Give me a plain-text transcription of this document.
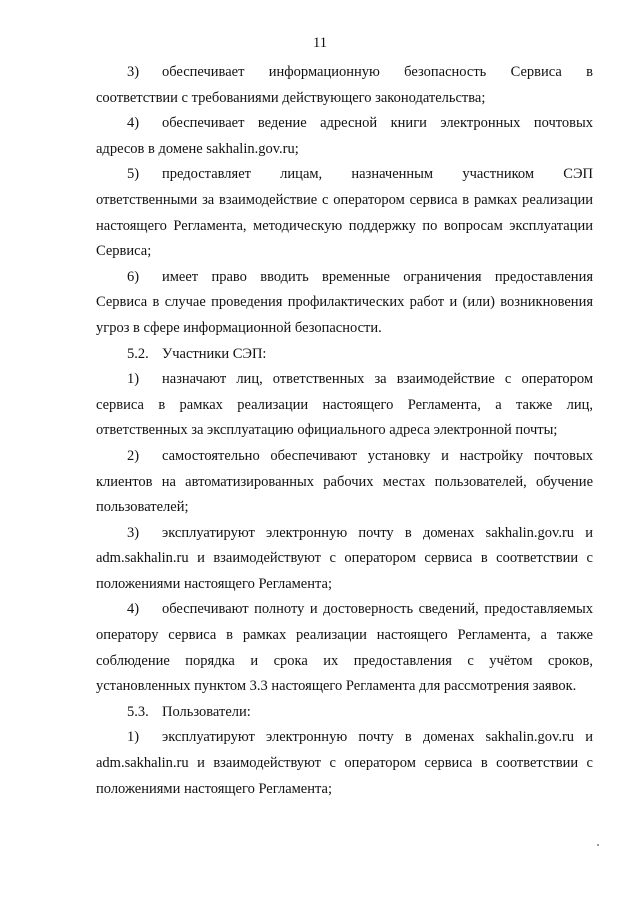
11

3) обеспечивает информационную безопасность Сервиса в соответствии с требованиями действующего законодательства;

4) обеспечивает ведение адресной книги электронных почтовых адресов в домене sakhalin.gov.ru;

5) предоставляет лицам, назначенным участником СЭП ответственными за взаимодействие с оператором сервиса в рамках реализации настоящего Регламента, методическую поддержку по вопросам эксплуатации Сервиса;

6) имеет право вводить временные ограничения предоставления Сервиса в случае проведения профилактических работ и (или) возникновения угроз в сфере информационной безопасности.

5.2. Участники СЭП:

1) назначают лиц, ответственных за взаимодействие с оператором сервиса в рамках реализации настоящего Регламента, а также лиц, ответственных за эксплуатацию официального адреса электронной почты;

2) самостоятельно обеспечивают установку и настройку почтовых клиентов на автоматизированных рабочих местах пользователей, обучение пользователей;

3) эксплуатируют электронную почту в доменах sakhalin.gov.ru и adm.sakhalin.ru и взаимодействуют с оператором сервиса в соответствии с положениями настоящего Регламента;

4) обеспечивают полноту и достоверность сведений, предоставляемых оператору сервиса в рамках реализации настоящего Регламента, а также соблюдение порядка и срока их предоставления с учётом сроков, установленных пунктом 3.3 настоящего Регламента для рассмотрения заявок.

5.3. Пользователи:

1) эксплуатируют электронную почту в доменах sakhalin.gov.ru и adm.sakhalin.ru и взаимодействуют с оператором сервиса в соответствии с положениями настоящего Регламента;
